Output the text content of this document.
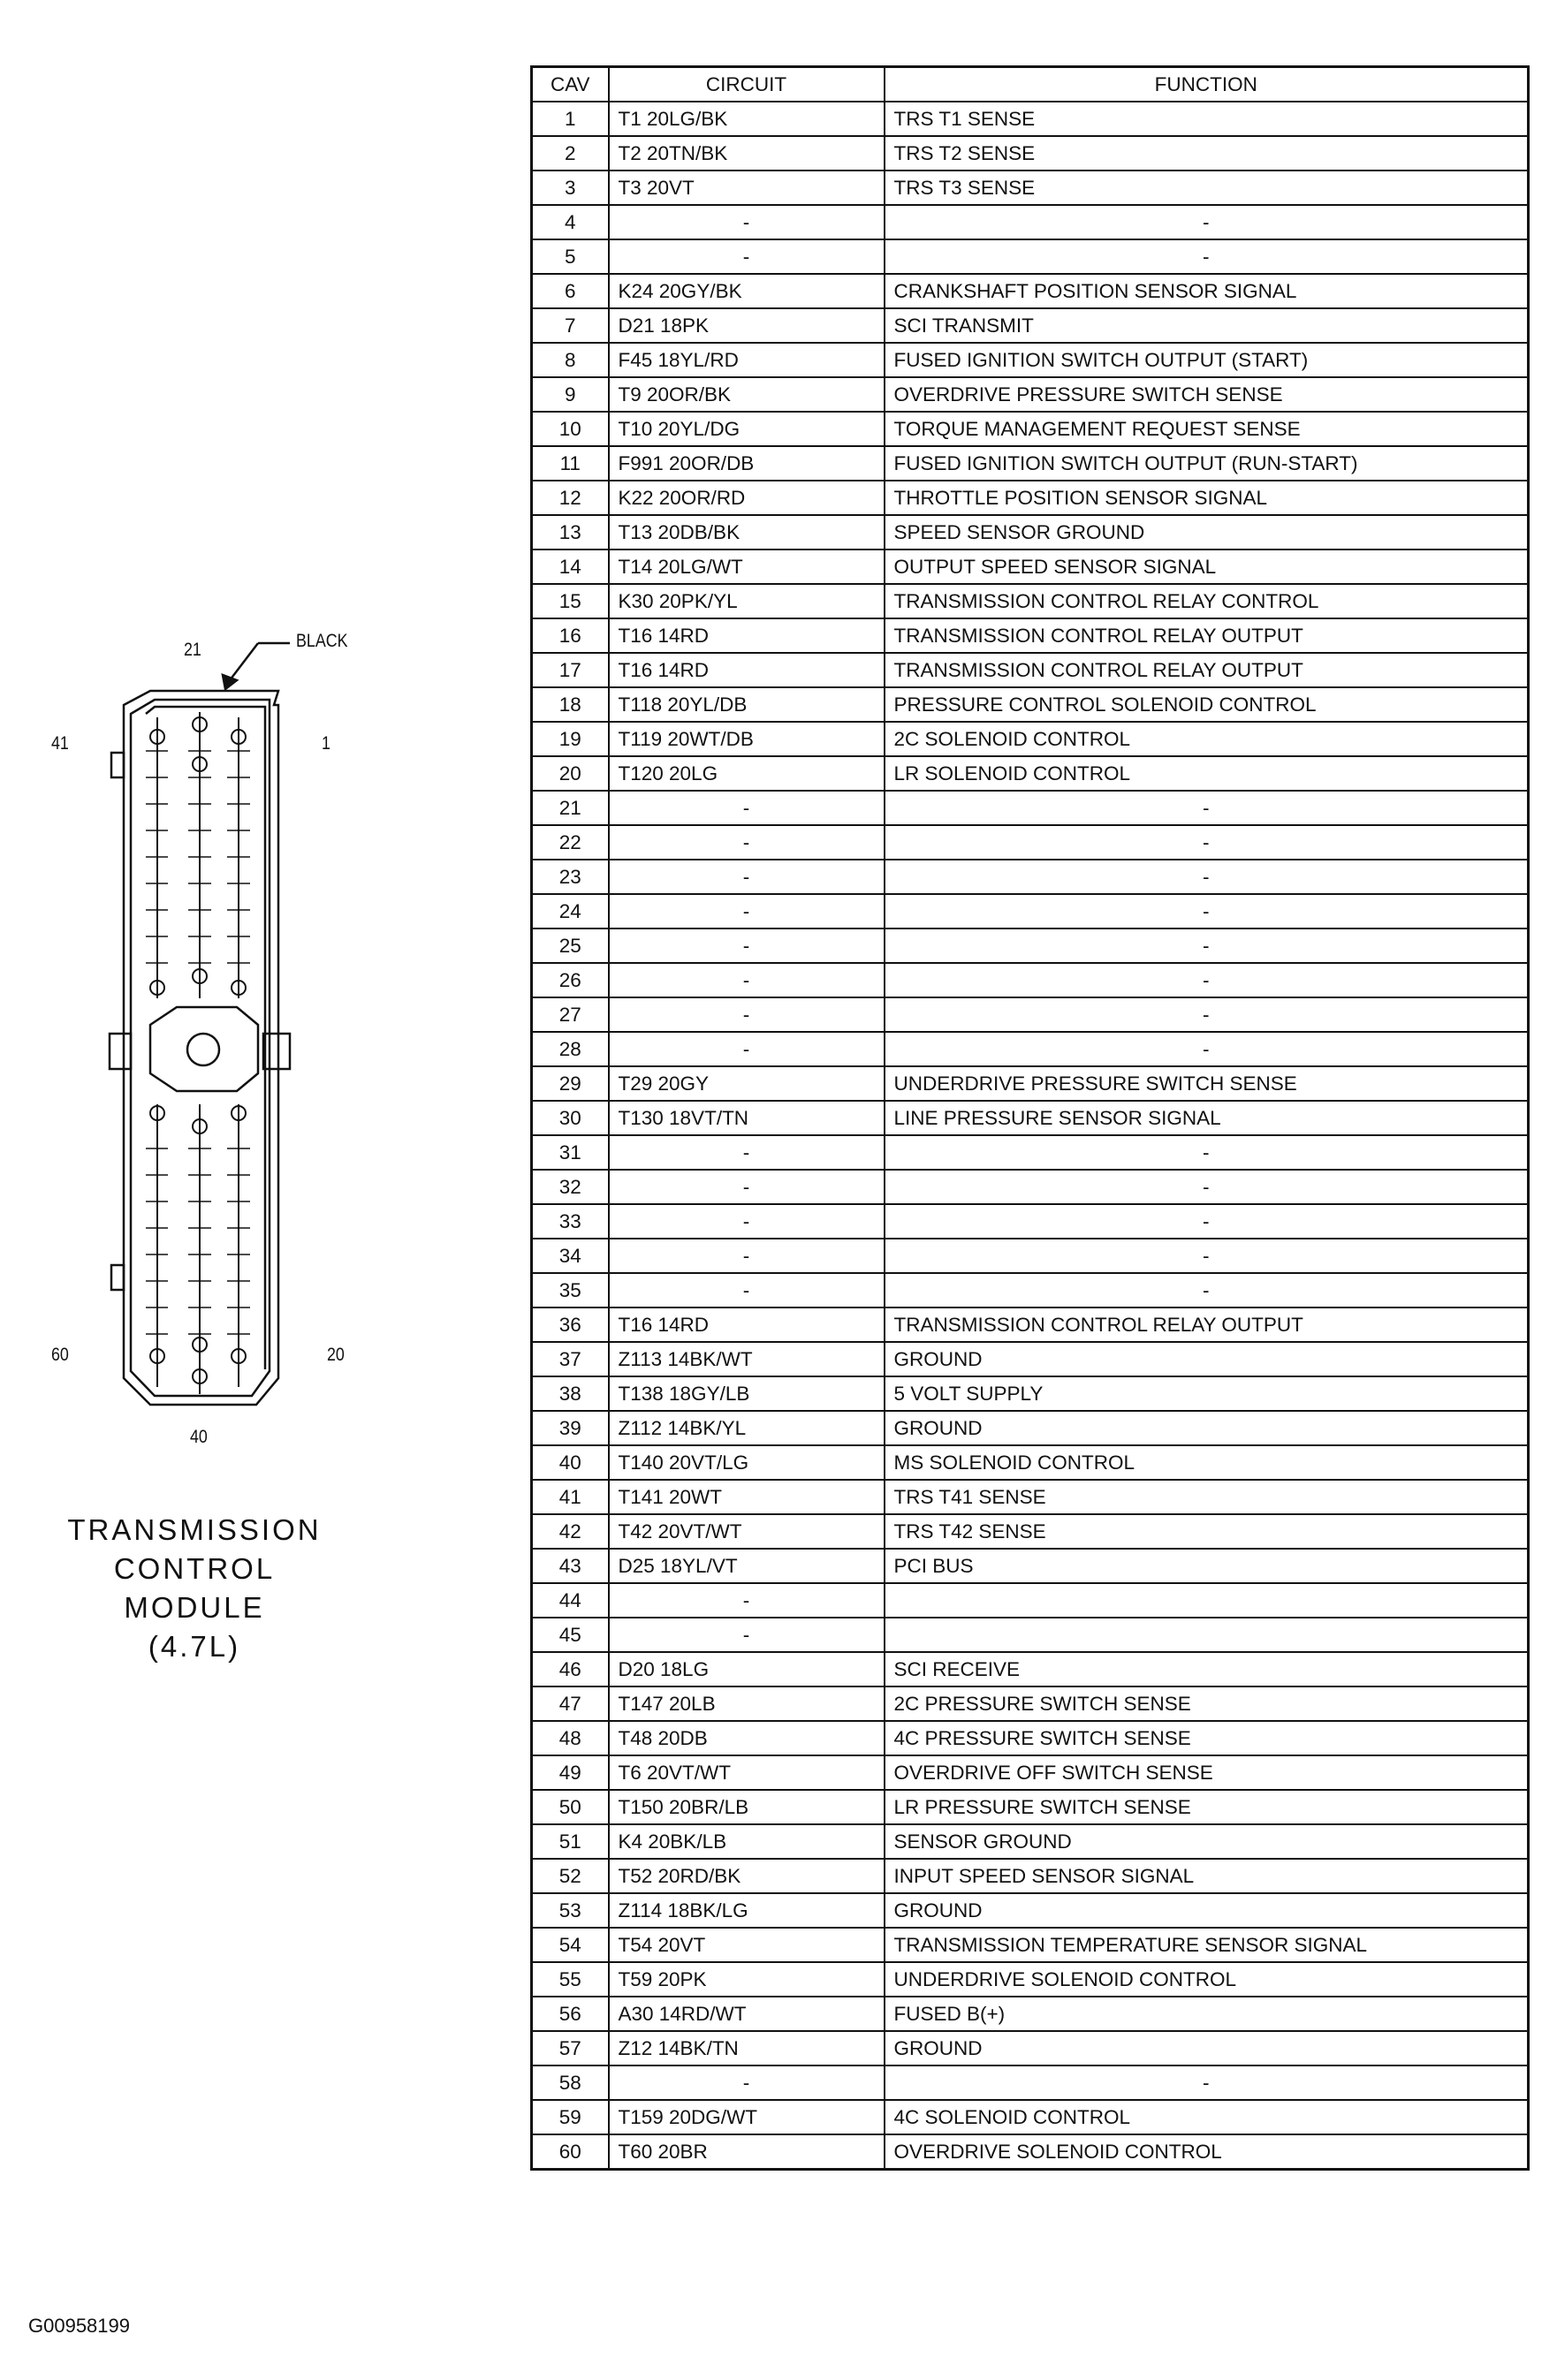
BLACK
21
41	1
60	20
40
TRANSMISSION
CONTROL
MODULE
(4.7L)
CAV	CIRCUIT	FUNCTION
1	T1 20LG/BK	TRS T1 SENSE
2	T2 20TN/BK	TRS T2 SENSE
3	T3 20VT	TRS T3 SENSE
4	-	-
5	-	-
6	K24 20GY/BK	CRANKSHAFT POSITION SENSOR SIGNAL
7	D21 18PK	SCI TRANSMIT
8	F45 18YL/RD	FUSED IGNITION SWITCH OUTPUT (START)
9	T9 20OR/BK	OVERDRIVE PRESSURE SWITCH SENSE
10	T10 20YL/DG	TORQUE MANAGEMENT REQUEST SENSE
11	F991 20OR/DB	FUSED IGNITION SWITCH OUTPUT (RUN-START)
12	K22 20OR/RD	THROTTLE POSITION SENSOR SIGNAL
13	T13 20DB/BK	SPEED SENSOR GROUND
14	T14 20LG/WT	OUTPUT SPEED SENSOR SIGNAL
15	K30 20PK/YL	TRANSMISSION CONTROL RELAY CONTROL
16	T16 14RD	TRANSMISSION CONTROL RELAY OUTPUT
17	T16 14RD	TRANSMISSION CONTROL RELAY OUTPUT
18	T118 20YL/DB	PRESSURE CONTROL SOLENOID CONTROL
19	T119 20WT/DB	2C SOLENOID CONTROL
20	T120 20LG	LR SOLENOID CONTROL
21	-	-
22	-	-
23	-	-
24	-	-
25	-	-
26	-	-
27	-	-
28	-	-
29	T29 20GY	UNDERDRIVE PRESSURE SWITCH SENSE
30	T130 18VT/TN	LINE PRESSURE SENSOR SIGNAL
31	-	-
32	-	-
33	-	-
34	-	-
35	-	-
36	T16 14RD	TRANSMISSION CONTROL RELAY OUTPUT
37	Z113 14BK/WT	GROUND
38	T138 18GY/LB	5 VOLT SUPPLY
39	Z112 14BK/YL	GROUND
40	T140 20VT/LG	MS SOLENOID CONTROL
41	T141 20WT	TRS T41 SENSE
42	T42 20VT/WT	TRS T42 SENSE
43	D25 18YL/VT	PCI BUS
44	-	
45	-	
46	D20 18LG	SCI RECEIVE
47	T147 20LB	2C PRESSURE SWITCH SENSE
48	T48 20DB	4C PRESSURE SWITCH SENSE
49	T6 20VT/WT	OVERDRIVE OFF SWITCH SENSE
50	T150 20BR/LB	LR PRESSURE SWITCH SENSE
51	K4 20BK/LB	SENSOR GROUND
52	T52 20RD/BK	INPUT SPEED SENSOR SIGNAL
53	Z114 18BK/LG	GROUND
54	T54 20VT	TRANSMISSION TEMPERATURE SENSOR SIGNAL
55	T59 20PK	UNDERDRIVE SOLENOID CONTROL
56	A30 14RD/WT	FUSED B(+)
57	Z12 14BK/TN	GROUND
58	-	-
59	T159 20DG/WT	4C SOLENOID CONTROL
60	T60 20BR	OVERDRIVE SOLENOID CONTROL
G00958199
